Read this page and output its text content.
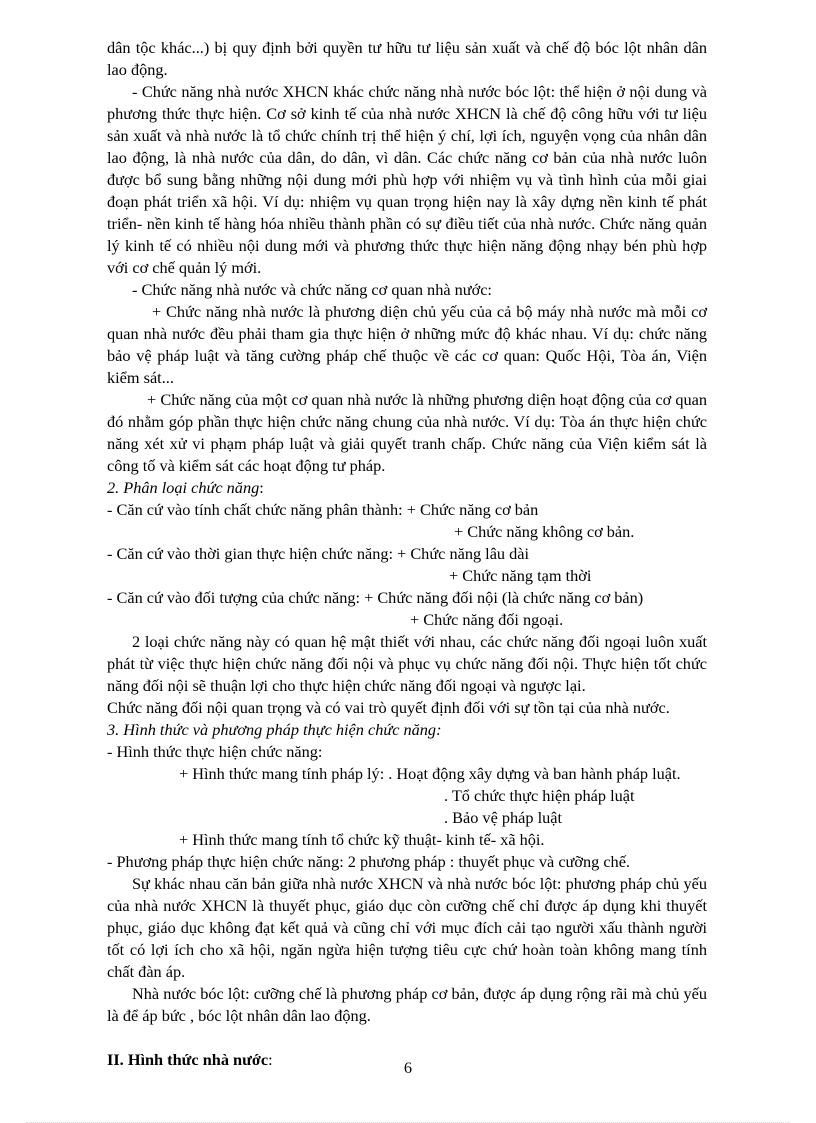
dân tộc khác...) bị quy định bởi quyền tư hữu tư liệu sản xuất và chế độ bóc lột nhân dân lao động.

- Chức năng nhà nước XHCN khác chức năng nhà nước bóc lột: thể hiện ở nội dung và phương thức thực hiện. Cơ sở kinh tế của nhà nước XHCN là chế độ công hữu với tư liệu sản xuất và nhà nước là tổ chức chính trị thể hiện ý chí, lợi ích, nguyện vọng của nhân dân lao động, là nhà nước của dân, do dân, vì dân. Các chức năng cơ bản của nhà nước luôn được bổ sung bằng những nội dung mới phù hợp với nhiệm vụ và tình hình của mỗi giai đoạn phát triển xã hội. Ví dụ: nhiệm vụ quan trọng hiện nay là xây dựng nền kinh tế phát triển- nền kinh tế hàng hóa nhiều thành phần có sự điều tiết của nhà nước. Chức năng quản lý kinh tế có nhiều nội dung mới và phương thức thực hiện năng động nhạy bén phù hợp với cơ chế quản lý mới.

- Chức năng nhà nước và chức năng cơ quan nhà nước:

+ Chức năng nhà nước là phương diện chủ yếu của cả bộ máy nhà nước mà mỗi cơ quan nhà nước đều phải tham gia thực hiện ở những mức độ khác nhau. Ví dụ: chức năng bảo vệ pháp luật và tăng cường pháp chế thuộc về các cơ quan: Quốc Hội, Tòa án, Viện kiểm sát...

+ Chức năng của một cơ quan nhà nước là những phương diện hoạt động của cơ quan đó nhằm góp phần thực hiện chức năng chung của nhà nước. Ví dụ: Tòa án thực hiện chức năng xét xử vi phạm pháp luật và giải quyết tranh chấp. Chức năng của Viện kiểm sát là công tố và kiểm sát các hoạt động tư pháp.

2. Phân loại chức năng:

- Căn cứ vào tính chất chức năng phân thành: + Chức năng cơ bản

+ Chức năng không cơ bản.

- Căn cứ vào thời gian thực hiện chức năng: + Chức năng lâu dài

+ Chức năng tạm thời

- Căn cứ vào đối tượng của chức năng: + Chức năng đối nội (là chức năng cơ bản)

+ Chức năng đối ngoại.

2 loại chức năng này có quan hệ mật thiết với nhau, các chức năng đối ngoại luôn xuất phát từ việc thực hiện chức năng đối nội và phục vụ chức năng đối nội. Thực hiện tốt chức năng đối nội sẽ thuận lợi cho thực hiện chức năng đối ngoại và ngược lại.

Chức năng đối nội quan trọng và có vai trò quyết định đối với sự tồn tại của nhà nước.

3. Hình thức và phương pháp thực hiện chức năng:

- Hình thức thực hiện chức năng:

+ Hình thức mang tính pháp lý: . Hoạt động xây dựng và ban hành pháp luật.

. Tổ chức thực hiện pháp luật

. Bảo vệ pháp luật

+ Hình thức mang tính tổ chức kỹ thuật- kinh tế- xã hội.

- Phương pháp thực hiện chức năng: 2 phương pháp : thuyết phục và cưỡng chế.

Sự khác nhau căn bản giữa nhà nước XHCN và nhà nước bóc lột: phương pháp chủ yếu của nhà nước XHCN là thuyết phục, giáo dục còn cưỡng chế chỉ được áp dụng khi thuyết phục, giáo dục không đạt kết quả và cũng chỉ với mục đích cải tạo người xấu thành người tốt có lợi ích cho xã hội, ngăn ngừa hiện tượng tiêu cực chứ hoàn toàn không mang tính chất đàn áp.

Nhà nước bóc lột: cưỡng chế là phương pháp cơ bản, được áp dụng rộng rãi mà chủ yếu là để áp bức , bóc lột nhân dân lao động.

II. Hình thức nhà nước:	6
